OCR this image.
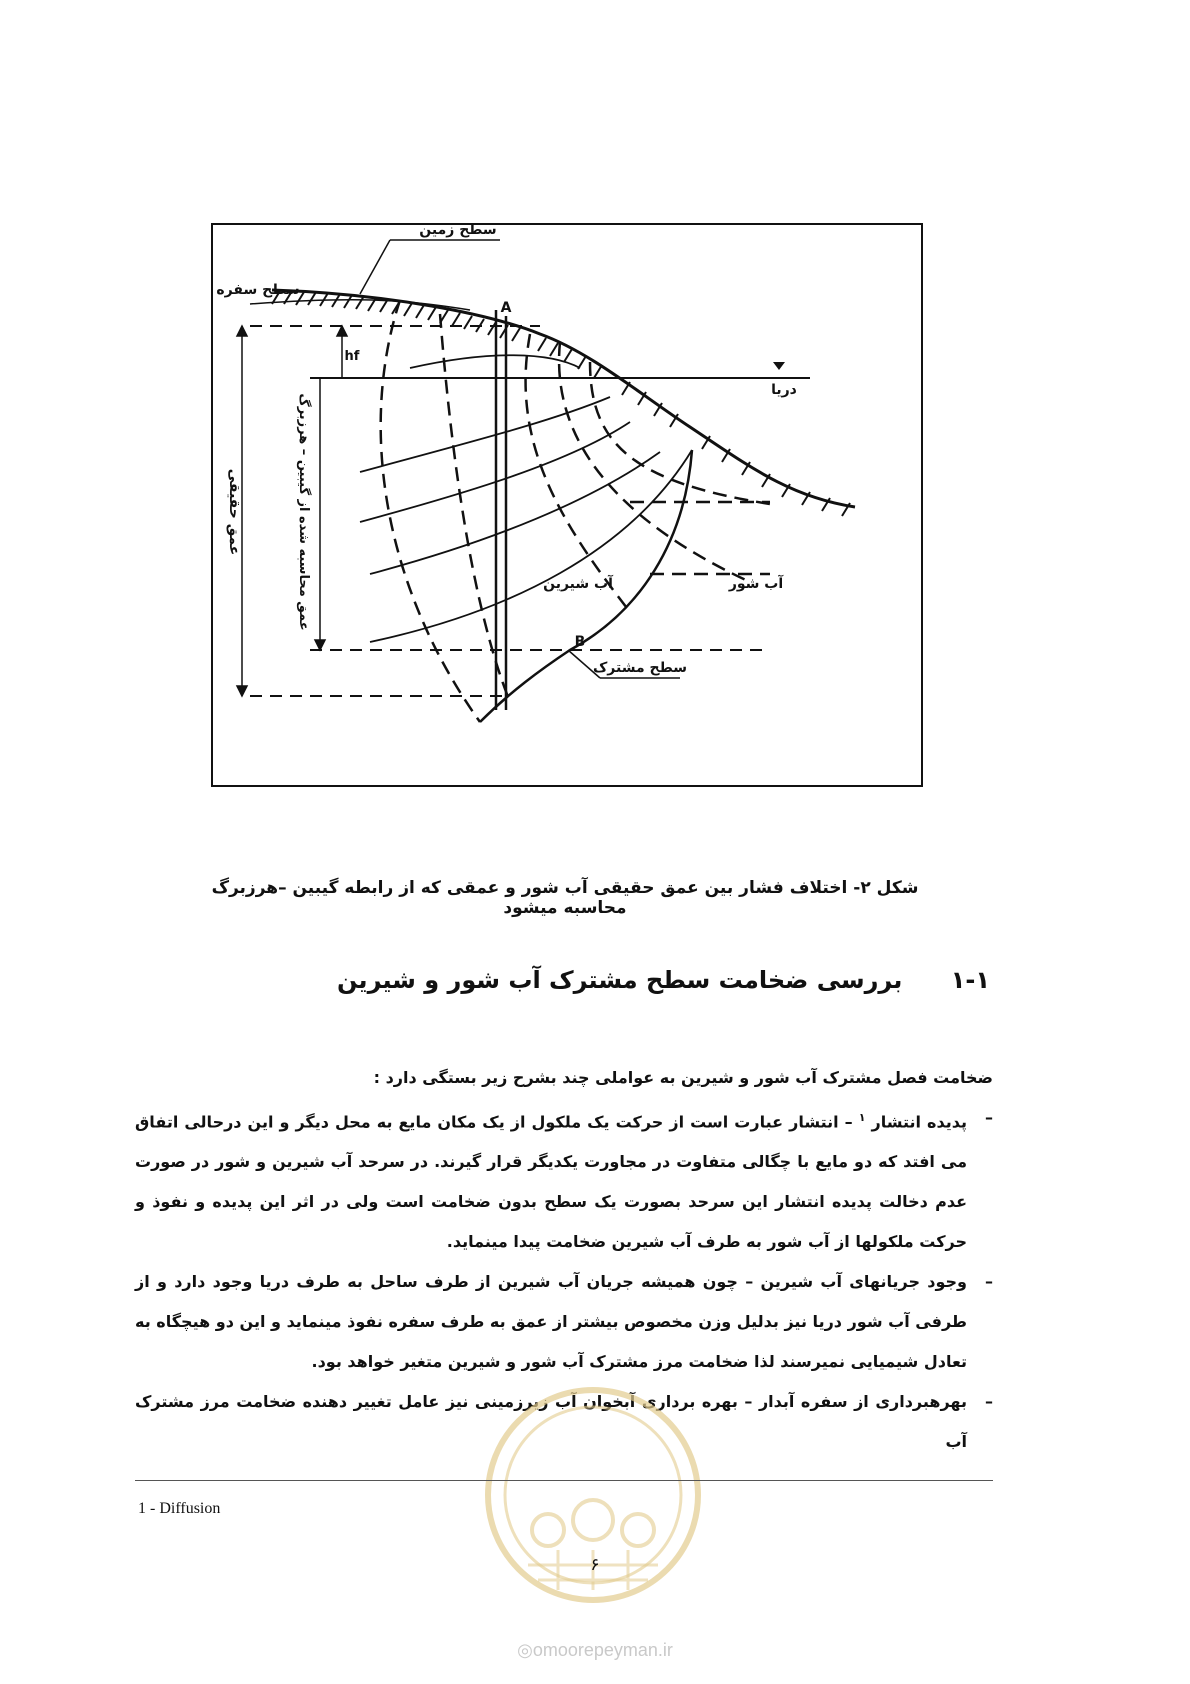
سطح زمین
سطح سفره
A
B
hf
دریا
آب شیرین	آب شور
سطح مشترک
عمق حقیقی	عمق محاسبه شده از گیبین – هرزبرگ
شکل ۲- اختلاف فشار بین عمق حقیقی آب شور و عمقی که از رابطه گیبین –هرزبرگ محاسبه میشود
۱-۱ بررسی ضخامت سطح مشترک آب شور و شیرین

ضخامت فصل مشترک آب شور و شیرین به عواملی چند بشرح زیر بستگی دارد :

–
پدیده انتشار $^۱$ – انتشار عبارت است از حرکت یک ملکول از یک مکان مایع به محل دیگر و این درحالی اتفاق می افتد که دو مایع با چگالی متفاوت در مجاورت یکدیگر قرار گیرند. در سرحد آب شیرین و شور در صورت عدم دخالت پدیده انتشار این سرحد بصورت یک سطح بدون ضخامت است ولی در اثر این پدیده و نفوذ و حرکت ملکولها از آب شور به طرف آب شیرین ضخامت پیدا مینماید.
–
وجود جریانهای آب شیرین – چون همیشه جریان آب شیرین از طرف ساحل به طرف دریا وجود دارد و از طرفی آب شور دریا نیز بدلیل وزن مخصوص بیشتر از عمق به طرف سفره نفوذ مینماید و این دو هیچگاه به تعادل شیمیایی نمیرسند لذا ضخامت مرز مشترک آب شور و شیرین متغیر خواهد بود.
–
بهرهبرداری از سفره آبدار – بهره برداری آبخوان آب زیرزمینی نیز عامل تغییر دهنده ضخامت مرز مشترک آب
1 - Diffusion
۶
◎omoorepeyman.ir
